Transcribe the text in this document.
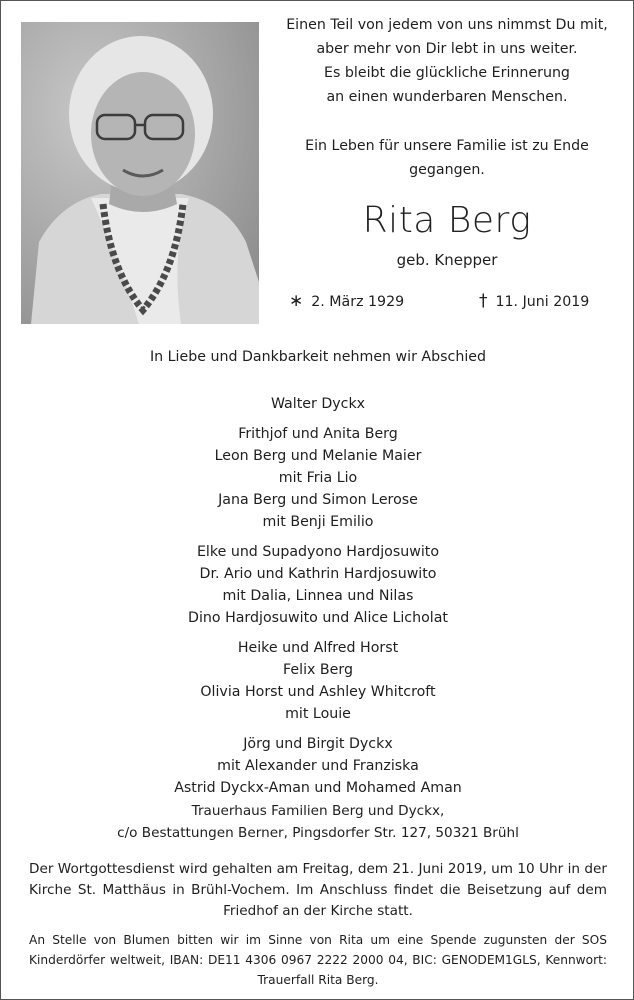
Einen Teil von jedem von uns nimmst Du mit,
aber mehr von Dir lebt in uns weiter.
Es bleibt die glückliche Erinnerung
an einen wunderbaren Menschen.
Ein Leben für unsere Familie ist zu Ende
gegangen.
Rita Berg
geb. Knepper
∗ 2. März 1929	† 11. Juni 2019
In Liebe und Dankbarkeit nehmen wir Abschied
Walter Dyckx
Frithjof und Anita Berg
Leon Berg und Melanie Maier
mit Fria Lio
Jana Berg und Simon Lerose
mit Benji Emilio
Elke und Supadyono Hardjosuwito
Dr. Ario und Kathrin Hardjosuwito
mit Dalia, Linnea und Nilas
Dino Hardjosuwito und Alice Licholat
Heike und Alfred Horst
Felix Berg
Olivia Horst und Ashley Whitcroft
mit Louie
Jörg und Birgit Dyckx
mit Alexander und Franziska
Astrid Dyckx-Aman und Mohamed Aman
Trauerhaus Familien Berg und Dyckx,
c/o Bestattungen Berner, Pingsdorfer Str. 127, 50321 Brühl
Der Wortgottesdienst wird gehalten am Freitag, dem 21. Juni 2019, um 10 Uhr in der Kirche St. Matthäus in Brühl-Vochem. Im Anschluss findet die Beisetzung auf dem Friedhof an der Kirche statt.
An Stelle von Blumen bitten wir im Sinne von Rita um eine Spende zugunsten der SOS Kinderdörfer weltweit, IBAN: DE11 4306 0967 2222 2000 04, BIC: GENODEM1GLS, Kennwort: Trauerfall Rita Berg.
